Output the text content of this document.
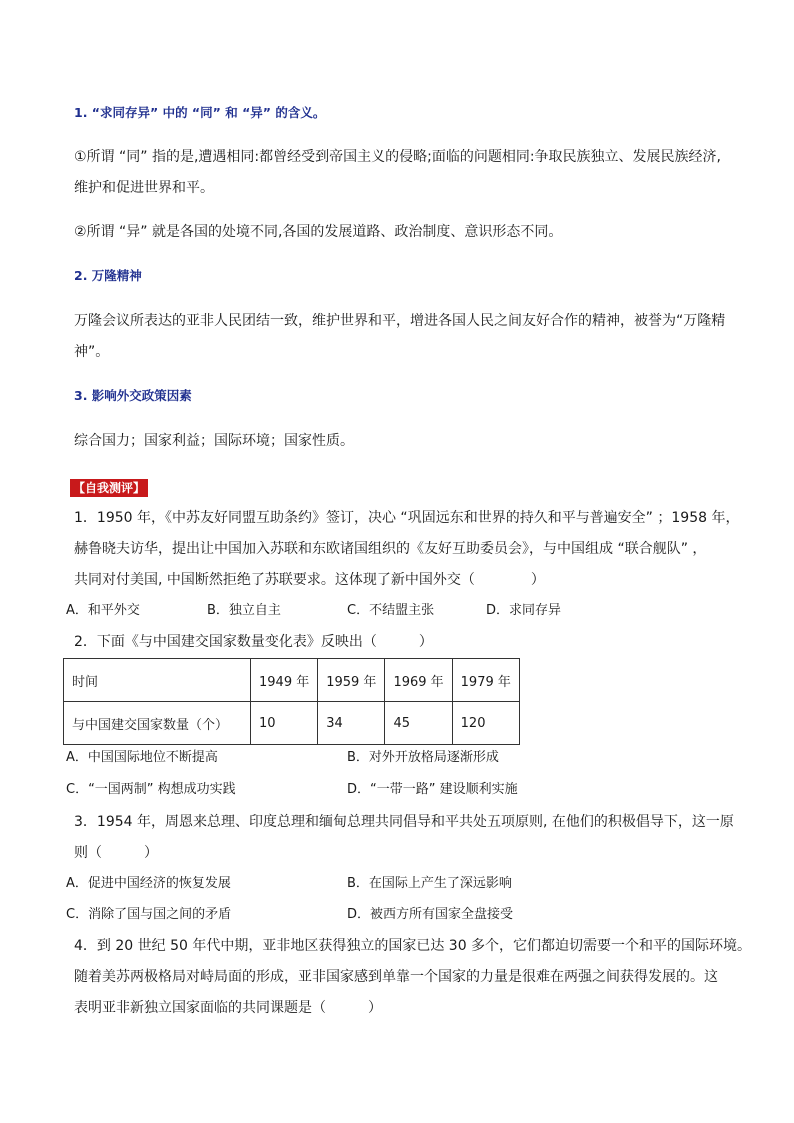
1. “求同存异” 中的 “同” 和 “异” 的含义。
①所谓 “同” 指的是,遭遇相同:都曾经受到帝国主义的侵略;面临的问题相同:争取民族独立、发展民族经济,
维护和促进世界和平。
②所谓 “异” 就是各国的处境不同,各国的发展道路、政治制度、意识形态不同。
2. 万隆精神
万隆会议所表达的亚非人民团结一致，维护世界和平，增进各国人民之间友好合作的精神，被誉为“万隆精
神”。
3. 影响外交政策因素
综合国力；国家利益；国际环境；国家性质。
【自我测评】
1．1950 年，《中苏友好同盟互助条约》签订，决心 “巩固远东和世界的持久和平与普遍安全” ；1958 年，
赫鲁晓夫访华，提出让中国加入苏联和东欧诸国组织的《友好互助委员会》，与中国组成 “联合舰队” ，
共同对付美国, 中国断然拒绝了苏联要求。这体现了新中国外交（　　　　）
A．和平外交	B．独立自主	C．不结盟主张	D．求同存异
2．下面《与中国建交国家数量变化表》反映出（　　　）
时间	1949 年	1959 年	1969 年	1979 年
与中国建交国家数量（个）	10	34	45	120
A．中国国际地位不断提高	B．对外开放格局逐渐形成
C．“一国两制” 构想成功实践	D．“一带一路” 建设顺利实施
3．1954 年，周恩来总理、印度总理和缅甸总理共同倡导和平共处五项原则, 在他们的积极倡导下，这一原
则（　　　）
A．促进中国经济的恢复发展	B．在国际上产生了深远影响
C．消除了国与国之间的矛盾	D．被西方所有国家全盘接受
4．到 20 世纪 50 年代中期，亚非地区获得独立的国家已达 30 多个，它们都迫切需要一个和平的国际环境。
随着美苏两极格局对峙局面的形成，亚非国家感到单靠一个国家的力量是很难在两强之间获得发展的。这
表明亚非新独立国家面临的共同课题是（　　　）
